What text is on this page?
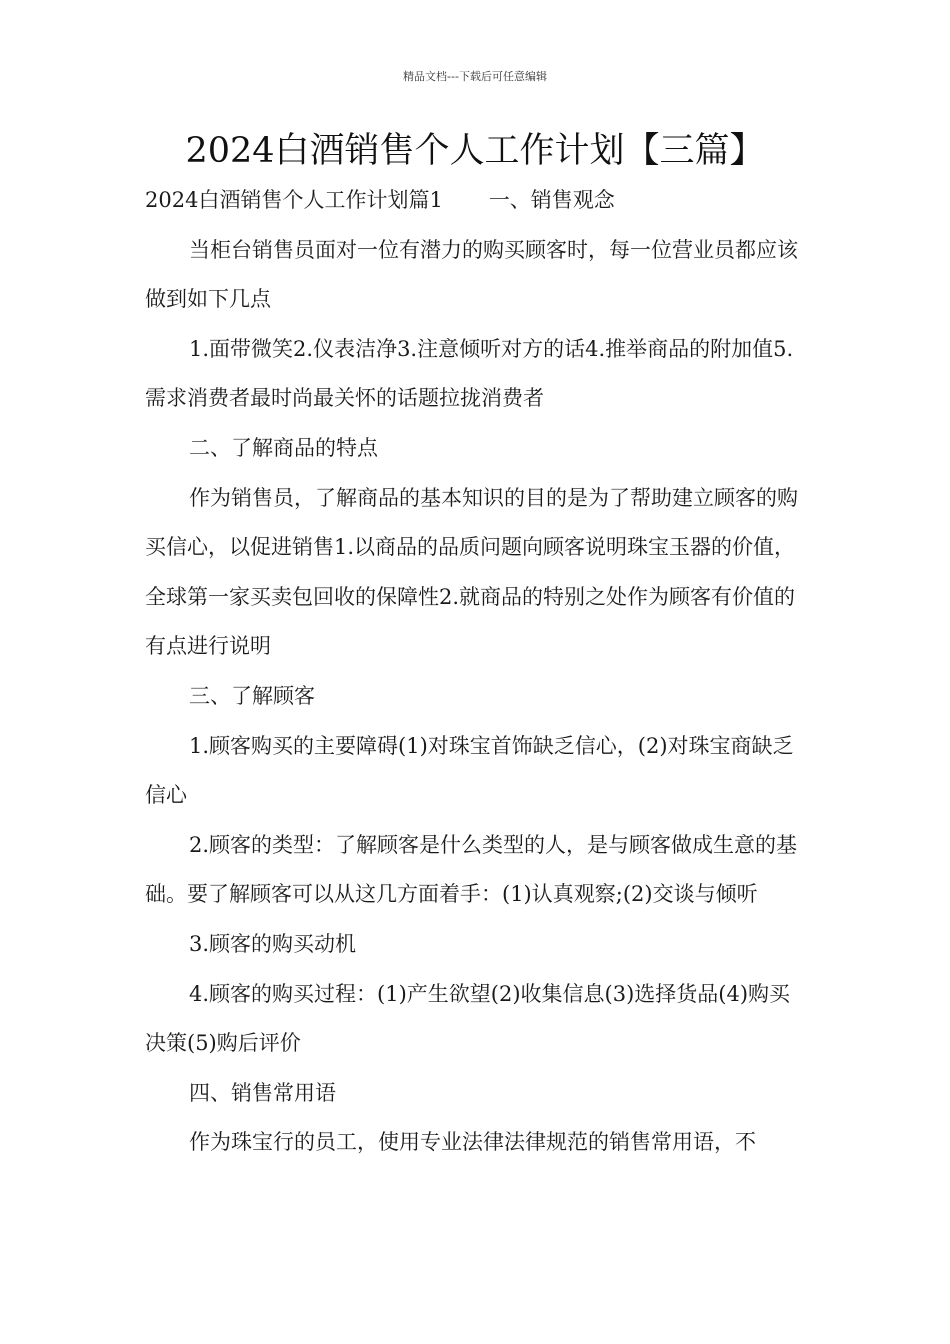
精品文档---下载后可任意编辑
2024白酒销售个人工作计划【三篇】

2024白酒销售个人工作计划篇1 一、销售观念

当柜台销售员面对一位有潜力的购买顾客时，每一位营业员都应该做到如下几点

1.面带微笑2.仪表洁净3.注意倾听对方的话4.推举商品的附加值5.需求消费者最时尚最关怀的话题拉拢消费者

二、了解商品的特点

作为销售员，了解商品的基本知识的目的是为了帮助建立顾客的购买信心，以促进销售1.以商品的品质问题向顾客说明珠宝玉器的价值，全球第一家买卖包回收的保障性2.就商品的特别之处作为顾客有价值的有点进行说明

三、了解顾客

1.顾客购买的主要障碍(1)对珠宝首饰缺乏信心，(2)对珠宝商缺乏信心

2.顾客的类型：了解顾客是什么类型的人，是与顾客做成生意的基础。要了解顾客可以从这几方面着手：(1)认真观察;(2)交谈与倾听

3.顾客的购买动机

4.顾客的购买过程：(1)产生欲望(2)收集信息(3)选择货品(4)购买决策(5)购后评价

四、销售常用语

作为珠宝行的员工，使用专业法律法律规范的销售常用语，不
